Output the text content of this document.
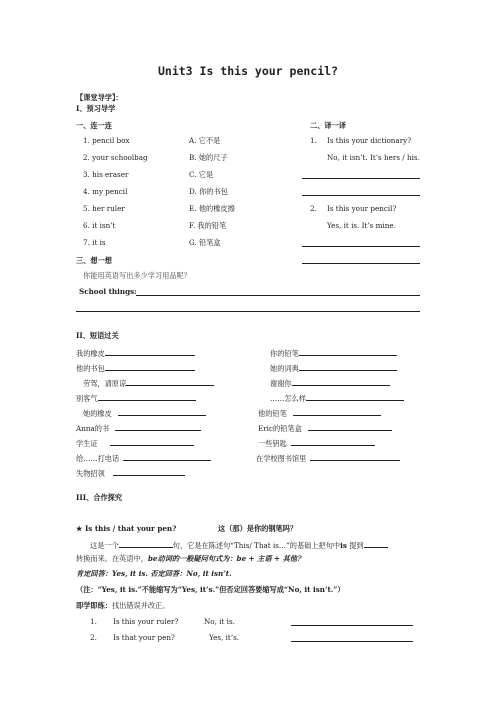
Unit3 Is this your pencil?
【课堂导学】：
I、预习导学
一、连一连	二、译一译
1. pencil box
2. your schoolbag
3. his eraser
4. my pencil
5. her ruler
6. it isn’t
7. it is
A. 它不是
B. 她的尺子
C. 它是
D. 你的书包
E. 他的橡皮擦
F. 我的铅笔
G. 铅笔盒
1. Is this your dictionary?
No, it isn’t. It’s hers / his.
2. Is this your pencil?
Yes, it is. It’s mine.
三、想一想
你能用英语写出多少学习用品呢？
School things:
II、短语过关
我的橡皮	你的铅笔
他的书包	她的词典
劳驾，请原谅	谢谢你
别客气	……怎么样
她的橡皮	他的铅笔
Anna的书	Eric的铅笔盒
学生证	一些钥匙
给……打电话	在学校图书馆里
失物招领
III、合作探究
★ Is this / that your pen?	这（那）是你的钢笔吗？
这是一个	句，它是在陈述句“This/ That is…”的基础上把句中is 提到
转换而来。在英语中，be动词的一般疑问句式为：be + 主语 + 其他？
肯定回答：Yes, it is. 否定回答：No, it isn’t.
（注：“Yes, it is.”不能缩写为“Yes, it’s.”但否定回答要缩写成“No, it isn’t.”）
即学即练：找出错误并改正。
1. Is this your ruler?	No, it is.
2. Is that your pen?	Yes, it’s.
